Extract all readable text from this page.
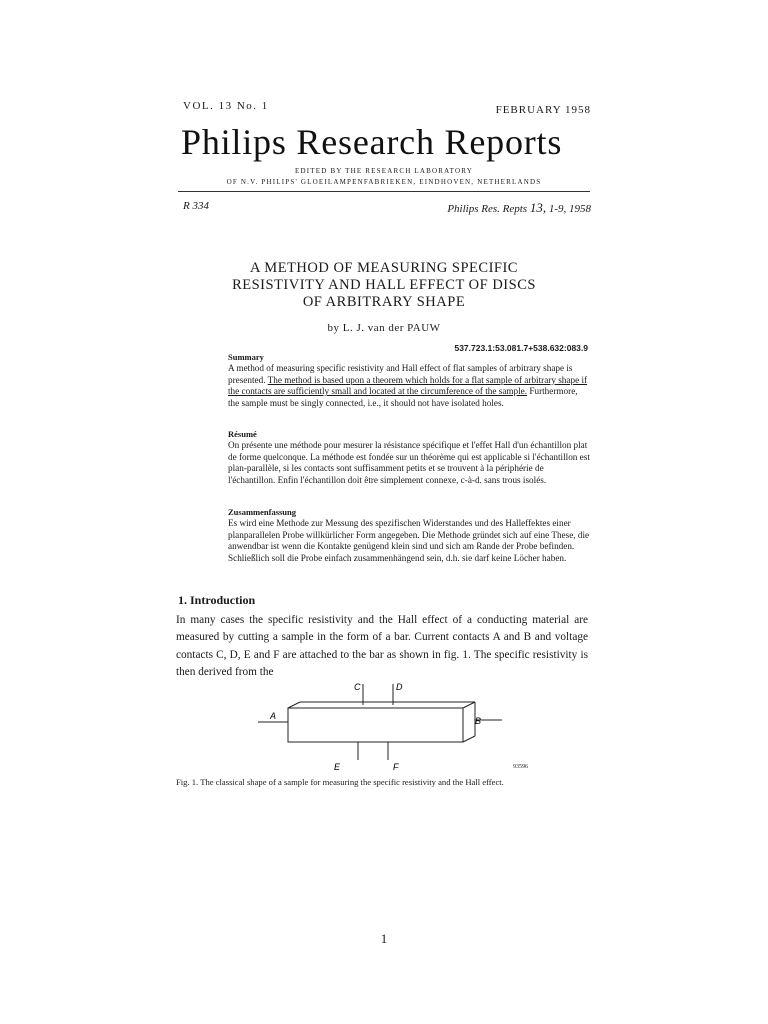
VOL. 13 No. 1	FEBRUARY 1958
Philips Research Reports
EDITED BY THE RESEARCH LABORATORY
OF N.V. PHILIPS' GLOEILAMPENFABRIEKEN, EINDHOVEN, NETHERLANDS
R 334	Philips Res. Repts 13, 1-9, 1958
A METHOD OF MEASURING SPECIFIC
RESISTIVITY AND HALL EFFECT OF DISCS
OF ARBITRARY SHAPE
by L. J. van der PAUW
537.723.1:53.081.7+538.632:083.9
Summary
A method of measuring specific resistivity and Hall effect of flat samples of arbitrary shape is presented. The method is based upon a theorem which holds for a flat sample of arbitrary shape if the contacts are sufficiently small and located at the circumference of the sample. Furthermore, the sample must be singly connected, i.e., it should not have isolated holes.
Résumé
On présente une méthode pour mesurer la résistance spécifique et l'effet Hall d'un échantillon plat de forme quelconque. La méthode est fondée sur un théorème qui est applicable si l'échantillon est plan-parallèle, si les contacts sont suffisamment petits et se trouvent à la périphérie de l'échantillon. Enfin l'échantillon doit être simplement connexe, c-à-d. sans trous isolés.
Zusammenfassung
Es wird eine Methode zur Messung des spezifischen Widerstandes und des Halleffektes einer planparallelen Probe willkürlicher Form angegeben. Die Methode gründet sich auf eine These, die anwendbar ist wenn die Kontakte genügend klein sind und sich am Rande der Probe befinden. Schließlich soll die Probe einfach zusammenhängend sein, d.h. sie darf keine Löcher haben.
1. Introduction
In many cases the specific resistivity and the Hall effect of a conducting material are measured by cutting a sample in the form of a bar. Current contacts A and B and voltage contacts C, D, E and F are attached to the bar as shown in fig. 1. The specific resistivity is then derived from the
A	B
C	D
E	F	93596
Fig. 1. The classical shape of a sample for measuring the specific resistivity and the Hall effect.
1
